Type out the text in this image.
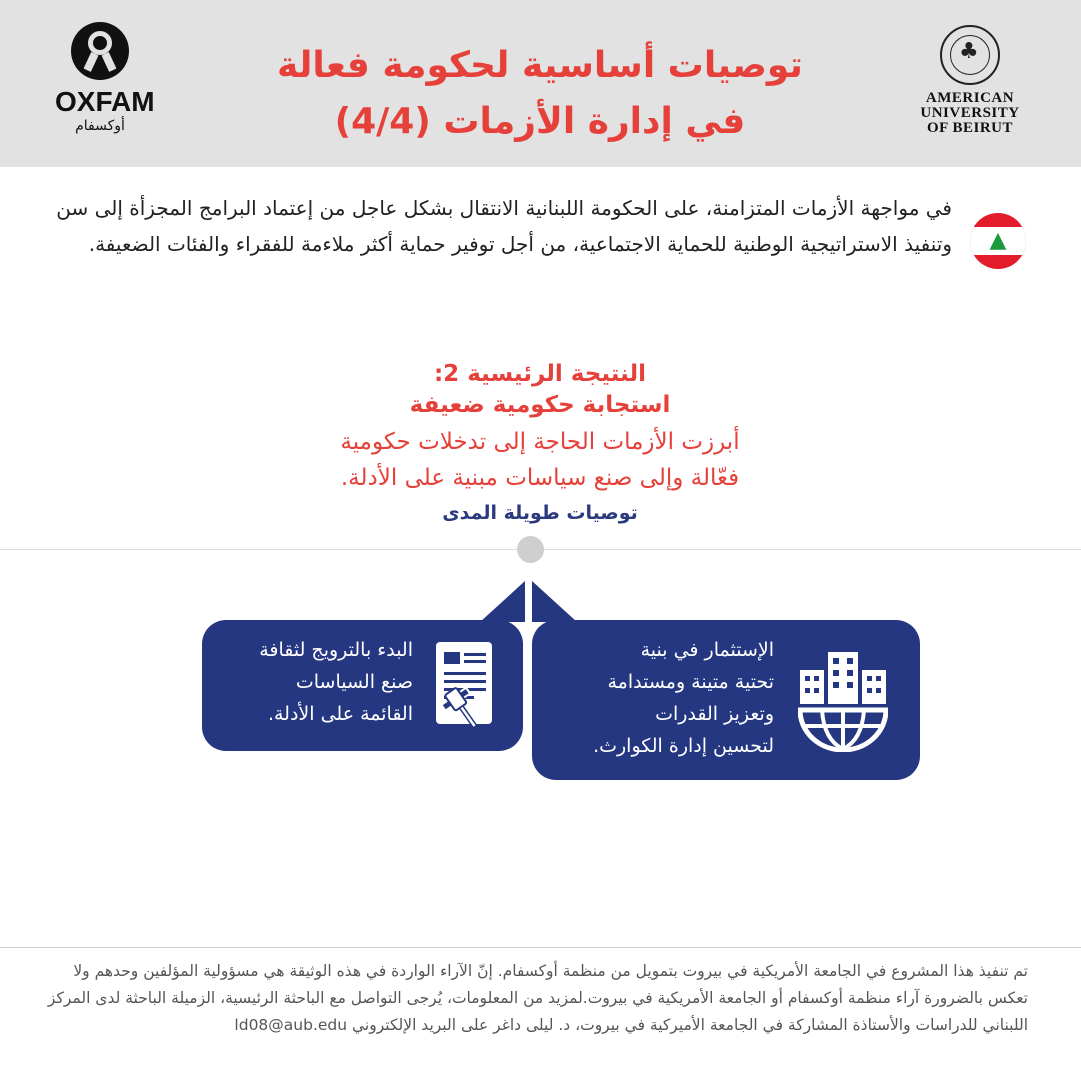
OXFAM
أوكسفام
توصيات أساسية لحكومة فعالة
في إدارة الأزمات (4/4)
♣
AMERICAN
UNIVERSITY
OF BEIRUT
▲
في مواجهة الأزمات المتزامنة، على الحكومة اللبنانية الانتقال بشكل عاجل من إعتماد البرامج المجزأة إلى سن وتنفيذ الاستراتيجية الوطنية للحماية الاجتماعية، من أجل توفير حماية أكثر ملاءمة للفقراء والفئات الضعيفة.
النتيجة الرئيسية 2:
استجابة حكومية ضعيفة
أبرزت الأزمات الحاجة إلى تدخلات حكومية
فعّالة وإلى صنع سياسات مبنية على الأدلة.
توصيات طويلة المدى
البدء بالترويج لثقافة
صنع السياسات
القائمة على الأدلة.
الإستثمار في بنية
تحتية متينة ومستدامة
وتعزيز القدرات
لتحسين إدارة الكوارث.
تم تنفيذ هذا المشروع في الجامعة الأمريكية في بيروت بتمويل من منظمة أوكسفام. إنّ الآراء الواردة في هذه الوثيقة هي مسؤولية المؤلفين وحدهم ولا تعكس بالضرورة آراء منظمة أوكسفام أو الجامعة الأمريكية في بيروت.لمزيد من المعلومات، يُرجى التواصل مع الباحثة الرئيسية، الزميلة الباحثة لدى المركز اللبناني للدراسات والأستاذة المشاركة في الجامعة الأميركية في بيروت، د. ليلى داغر على البريد الإلكتروني ld08@aub.edu
